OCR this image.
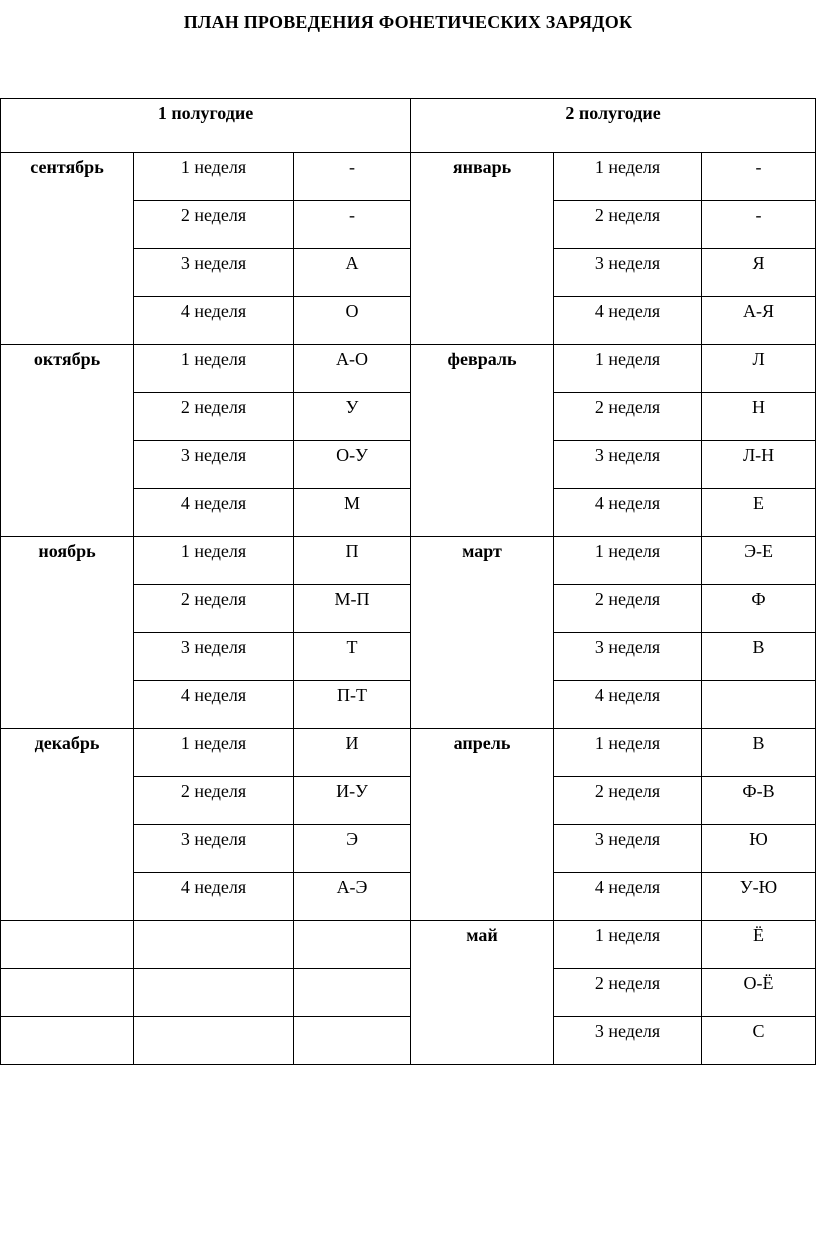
ПЛАН ПРОВЕДЕНИЯ ФОНЕТИЧЕСКИХ ЗАРЯДОК
1 полугодие			2 полугодие		
сентябрь	1 неделя	-	январь	1 неделя	-
	2 неделя	-		2 неделя	-
	3 неделя	А		3 неделя	Я
	4 неделя	О		4 неделя	А-Я
октябрь	1 неделя	А-О	февраль	1 неделя	Л
	2 неделя	У		2 неделя	Н
	3 неделя	О-У		3 неделя	Л-Н
	4 неделя	М		4 неделя	Е
ноябрь	1 неделя	П	март	1 неделя	Э-Е
	2 неделя	М-П		2 неделя	Ф
	3 неделя	Т		3 неделя	В
	4 неделя	П-Т		4 неделя	
декабрь	1 неделя	И	апрель	1 неделя	В
	2 неделя	И-У		2 неделя	Ф-В
	3 неделя	Э		3 неделя	Ю
	4 неделя	А-Э		4 неделя	У-Ю
			май	1 неделя	Ё
				2 неделя	О-Ё
				3 неделя	С
